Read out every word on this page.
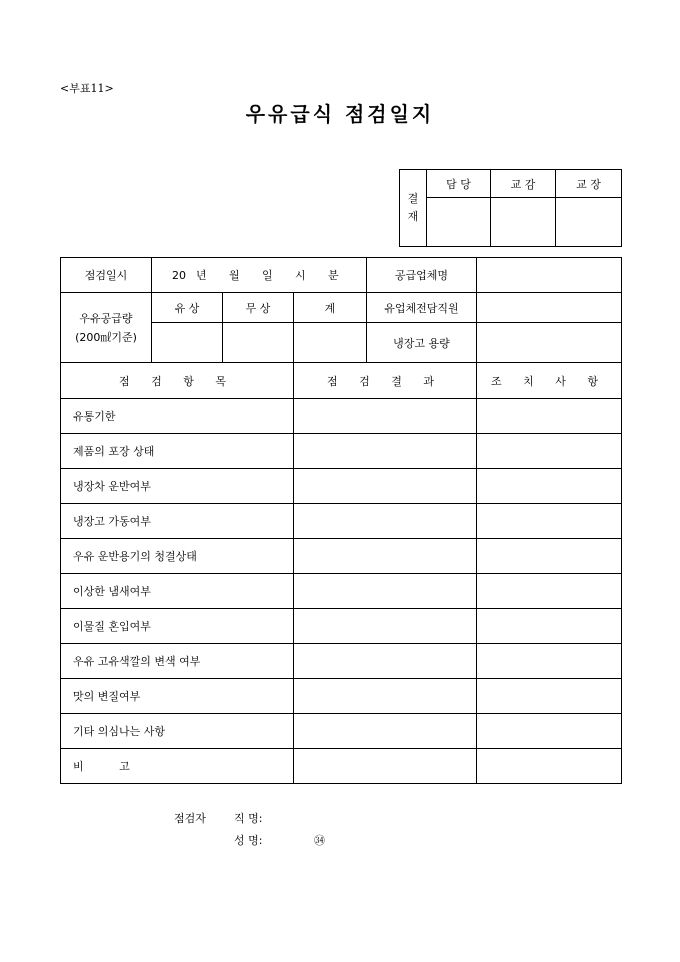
<부표11>
우유급식 점검일지
결
재	담 당	교 감	교 장

점검일시	20 년 월 일 시 분			공급업체명	

우유공급량
(200㎖기준)	유 상	무 상	계	유업체전담직원	
				냉장고 용량	
점 검 항 목			점 검 결 과		조 치 사 항
유통기한					
제품의 포장 상태					
냉장차 운반여부					
냉장고 가동여부					
우유 운반용기의 청결상태					
이상한 냄새여부					
이물질 혼입여부					
우유 고유색깔의 변색 여부					
맛의 변질여부					
기타 의심나는 사항					
비 고					
점검자	직 명:
성 명:	㉞
